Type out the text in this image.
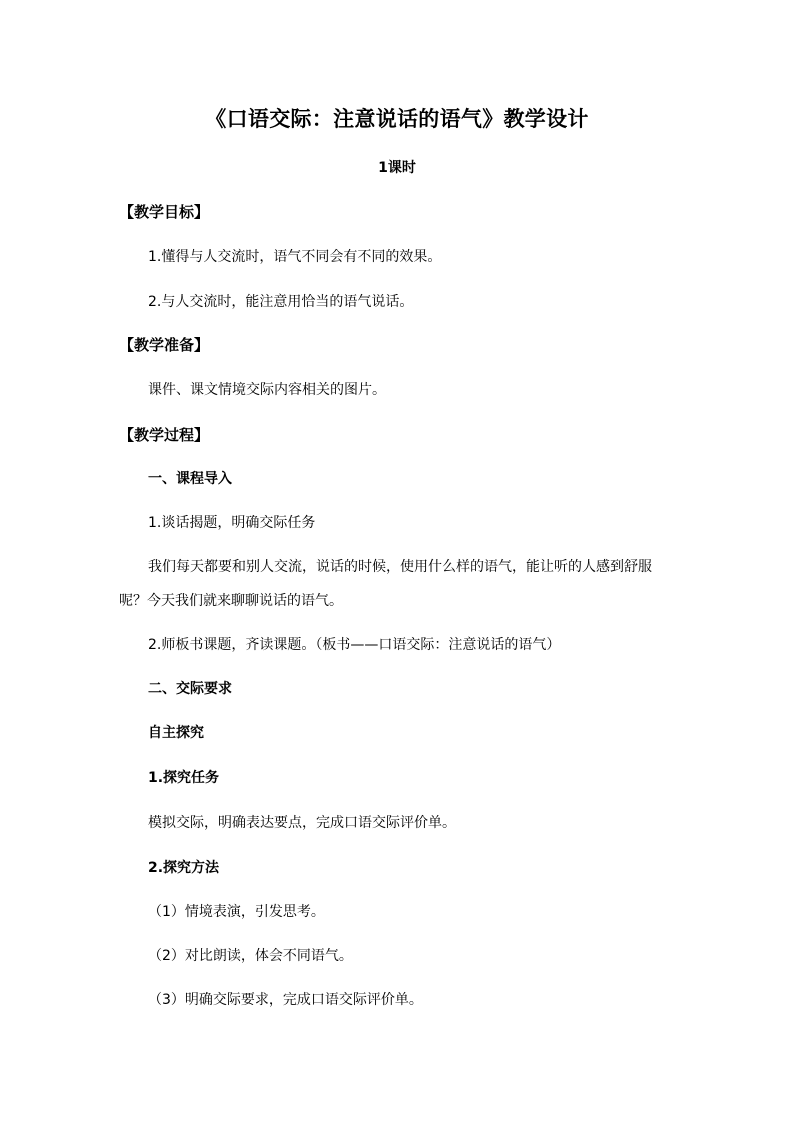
《口语交际：注意说话的语气》教学设计
1课时
【教学目标】
1.懂得与人交流时，语气不同会有不同的效果。
2.与人交流时，能注意用恰当的语气说话。
【教学准备】
课件、课文情境交际内容相关的图片。
【教学过程】
一、课程导入
1.谈话揭题，明确交际任务
我们每天都要和别人交流，说话的时候，使用什么样的语气，能让听的人感到舒服
呢？今天我们就来聊聊说话的语气。
2.师板书课题，齐读课题。（板书——口语交际：注意说话的语气）
二、交际要求
自主探究
1.探究任务
模拟交际，明确表达要点，完成口语交际评价单。
2.探究方法
（1）情境表演，引发思考。
（2）对比朗读，体会不同语气。
（3）明确交际要求，完成口语交际评价单。
